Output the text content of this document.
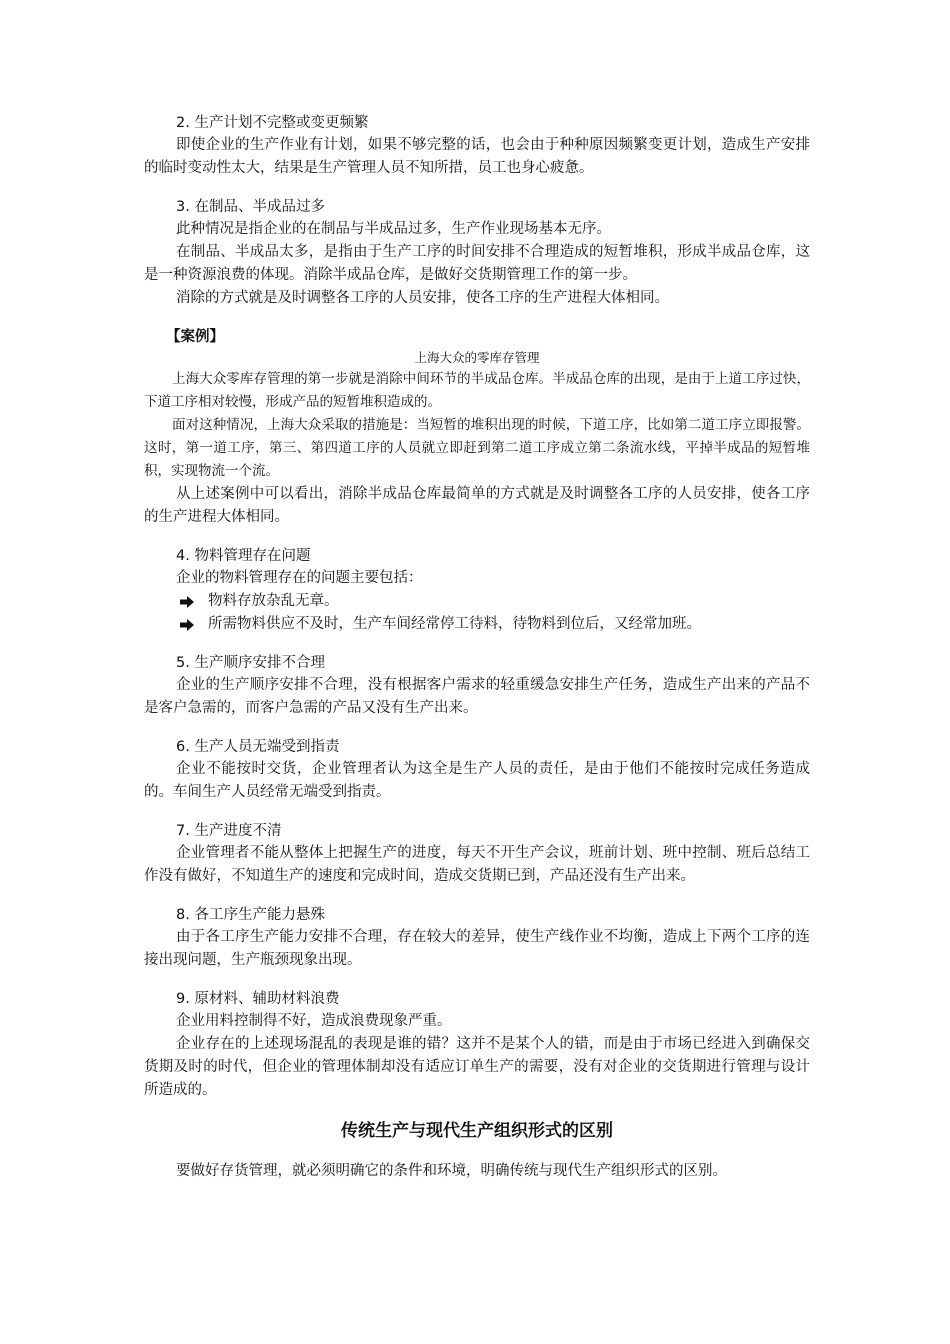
2. 生产计划不完整或变更频繁

即使企业的生产作业有计划，如果不够完整的话，也会由于种种原因频繁变更计划，造成生产安排的临时变动性太大，结果是生产管理人员不知所措，员工也身心疲惫。

3. 在制品、半成品过多

此种情况是指企业的在制品与半成品过多，生产作业现场基本无序。

在制品、半成品太多，是指由于生产工序的时间安排不合理造成的短暂堆积，形成半成品仓库，这是一种资源浪费的体现。消除半成品仓库，是做好交货期管理工作的第一步。

消除的方式就是及时调整各工序的人员安排，使各工序的生产进程大体相同。

【案例】

上海大众的零库存管理

上海大众零库存管理的第一步就是消除中间环节的半成品仓库。半成品仓库的出现，是由于上道工序过快，下道工序相对较慢，形成产品的短暂堆积造成的。

面对这种情况，上海大众采取的措施是：当短暂的堆积出现的时候，下道工序，比如第二道工序立即报警。这时，第一道工序，第三、第四道工序的人员就立即赶到第二道工序成立第二条流水线，平掉半成品的短暂堆积，实现物流一个流。

从上述案例中可以看出，消除半成品仓库最简单的方式就是及时调整各工序的人员安排，使各工序的生产进程大体相同。

4. 物料管理存在问题

企业的物料管理存在的问题主要包括：

物料存放杂乱无章。
所需物料供应不及时，生产车间经常停工待料，待物料到位后，又经常加班。

5. 生产顺序安排不合理

企业的生产顺序安排不合理，没有根据客户需求的轻重缓急安排生产任务，造成生产出来的产品不是客户急需的，而客户急需的产品又没有生产出来。

6. 生产人员无端受到指责

企业不能按时交货，企业管理者认为这全是生产人员的责任，是由于他们不能按时完成任务造成的。车间生产人员经常无端受到指责。

7. 生产进度不清

企业管理者不能从整体上把握生产的进度，每天不开生产会议，班前计划、班中控制、班后总结工作没有做好，不知道生产的速度和完成时间，造成交货期已到，产品还没有生产出来。

8. 各工序生产能力悬殊

由于各工序生产能力安排不合理，存在较大的差异，使生产线作业不均衡，造成上下两个工序的连接出现问题，生产瓶颈现象出现。

9. 原材料、辅助材料浪费

企业用料控制得不好，造成浪费现象严重。

企业存在的上述现场混乱的表现是谁的错？这并不是某个人的错，而是由于市场已经进入到确保交货期及时的时代，但企业的管理体制却没有适应订单生产的需要，没有对企业的交货期进行管理与设计所造成的。

传统生产与现代生产组织形式的区别

要做好存货管理，就必须明确它的条件和环境，明确传统与现代生产组织形式的区别。
